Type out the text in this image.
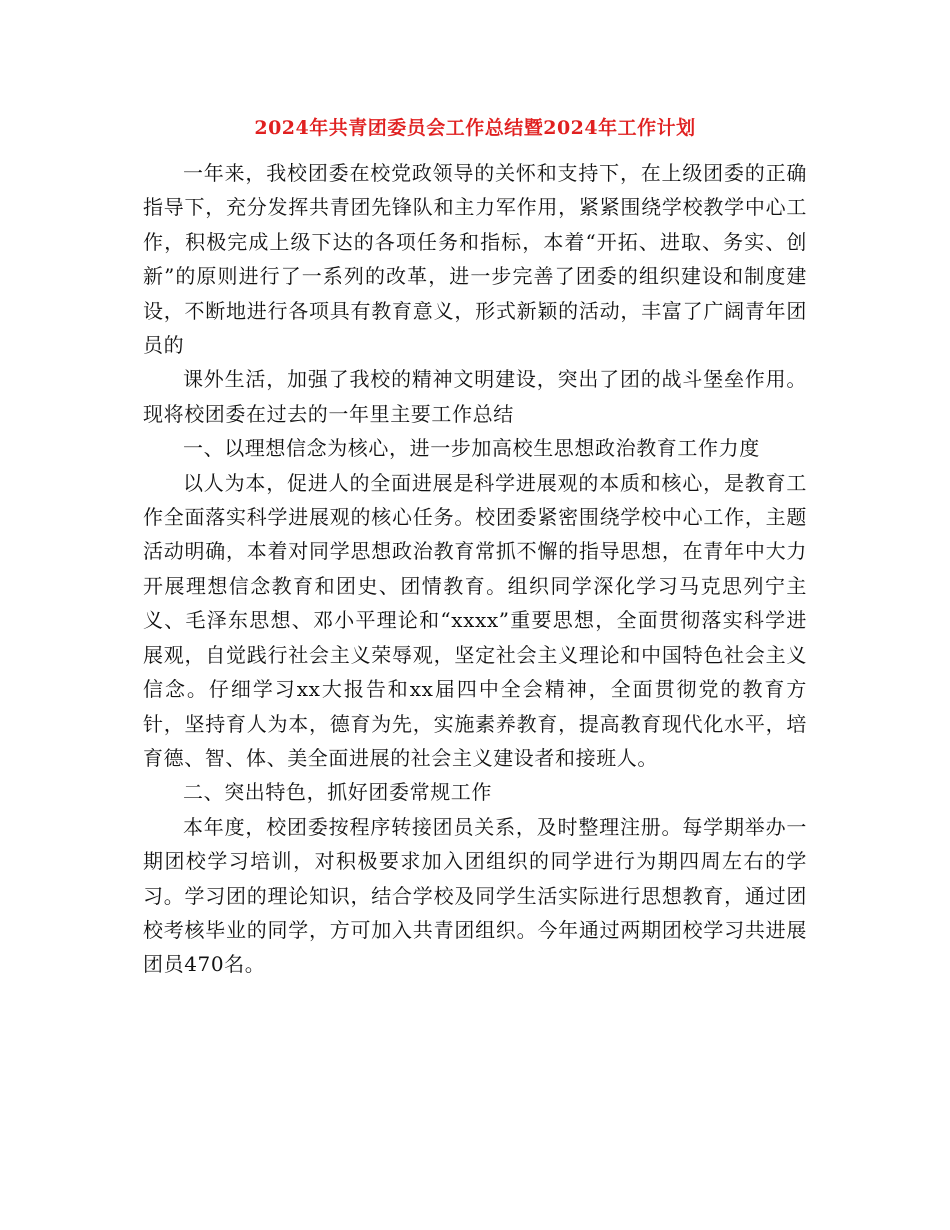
2024年共青团委员会工作总结暨2024年工作计划

一年来，我校团委在校党政领导的关怀和支持下，在上级团委的正确指导下，充分发挥共青团先锋队和主力军作用，紧紧围绕学校教学中心工作，积极完成上级下达的各项任务和指标，本着“开拓、进取、务实、创新”的原则进行了一系列的改革，进一步完善了团委的组织建设和制度建设，不断地进行各项具有教育意义，形式新颖的活动，丰富了广阔青年团员的

课外生活，加强了我校的精神文明建设，突出了团的战斗堡垒作用。现将校团委在过去的一年里主要工作总结

一、以理想信念为核心，进一步加高校生思想政治教育工作力度

以人为本，促进人的全面进展是科学进展观的本质和核心，是教育工作全面落实科学进展观的核心任务。校团委紧密围绕学校中心工作，主题活动明确，本着对同学思想政治教育常抓不懈的指导思想，在青年中大力开展理想信念教育和团史、团情教育。组织同学深化学习马克思列宁主义、毛泽东思想、邓小平理论和“xxxx”重要思想，全面贯彻落实科学进展观，自觉践行社会主义荣辱观，坚定社会主义理论和中国特色社会主义信念。仔细学习xx大报告和xx届四中全会精神，全面贯彻党的教育方针，坚持育人为本，德育为先，实施素养教育，提高教育现代化水平，培育德、智、体、美全面进展的社会主义建设者和接班人。

二、突出特色，抓好团委常规工作

本年度，校团委按程序转接团员关系，及时整理注册。每学期举办一期团校学习培训，对积极要求加入团组织的同学进行为期四周左右的学习。学习团的理论知识，结合学校及同学生活实际进行思想教育，通过团校考核毕业的同学，方可加入共青团组织。今年通过两期团校学习共进展团员470名。
